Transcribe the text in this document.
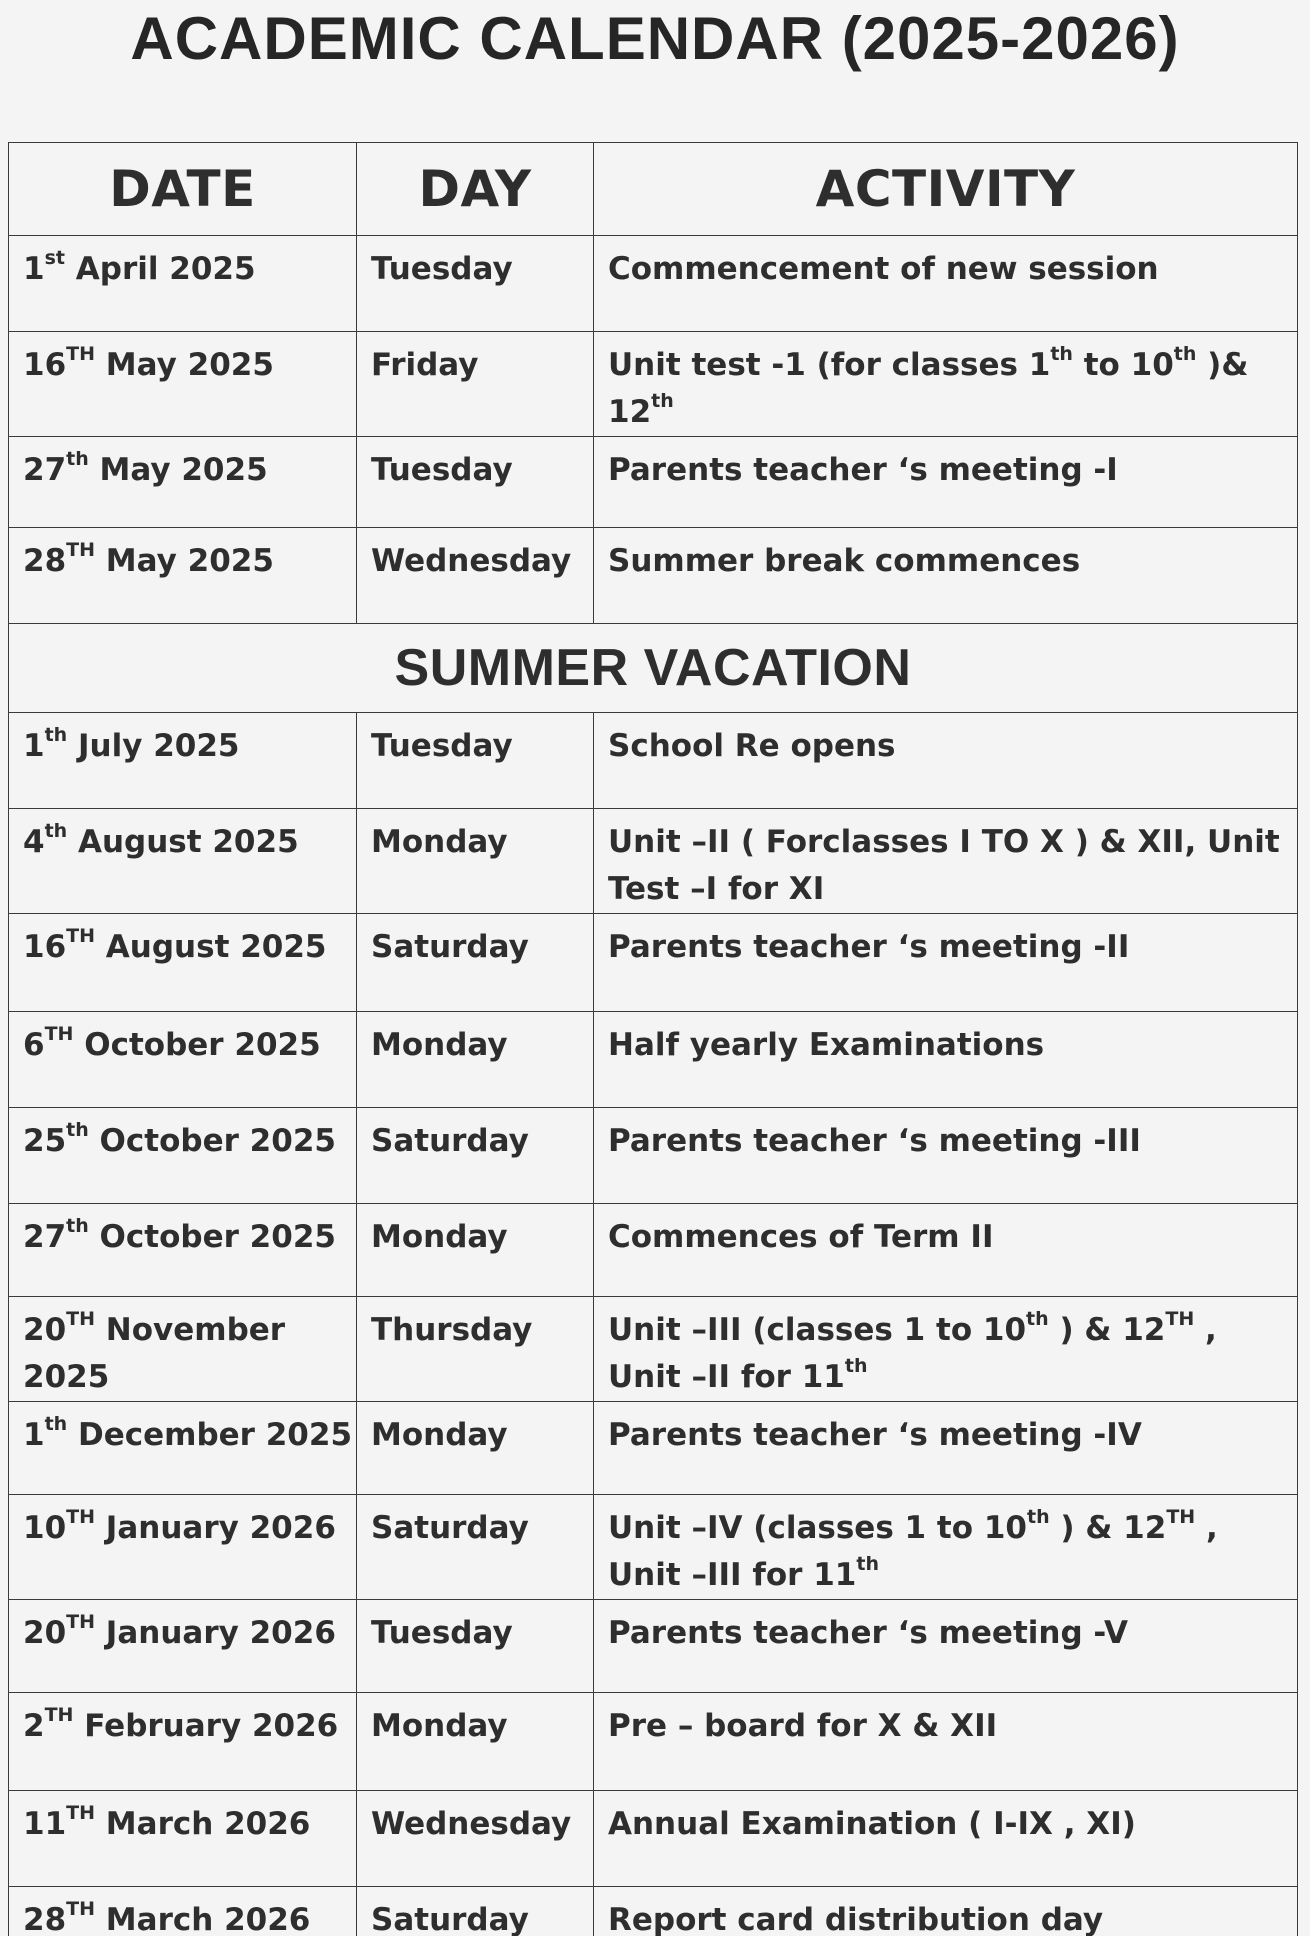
ACADEMIC CALENDAR (2025-2026)
DATE	DAY	ACTIVITY
1st April 2025	Tuesday	Commencement of new session
16TH May 2025	Friday	Unit test -1 (for classes 1th to 10th )& 12th
27th May 2025	Tuesday	Parents teacher ‘s meeting -I
28TH May 2025	Wednesday	Summer break commences
SUMMER VACATION		
1th July 2025	Tuesday	School Re opens
4th August 2025	Monday	Unit –II ( Forclasses I TO X ) & XII, Unit Test –I for XI
16TH August 2025	Saturday	Parents teacher ‘s meeting -II
6TH October 2025	Monday	Half yearly Examinations
25th October 2025	Saturday	Parents teacher ‘s meeting -III
27th October 2025	Monday	Commences of Term II
20TH November 2025	Thursday	Unit –III (classes 1 to 10th ) & 12TH , Unit –II for 11th
1th December 2025	Monday	Parents teacher ‘s meeting -IV
10TH January 2026	Saturday	Unit –IV (classes 1 to 10th ) & 12TH , Unit –III for 11th
20TH January 2026	Tuesday	Parents teacher ‘s meeting -V
2TH February 2026	Monday	Pre – board for X & XII
11TH March 2026	Wednesday	Annual Examination ( I-IX , XI)
28TH March 2026	Saturday	Report card distribution day
